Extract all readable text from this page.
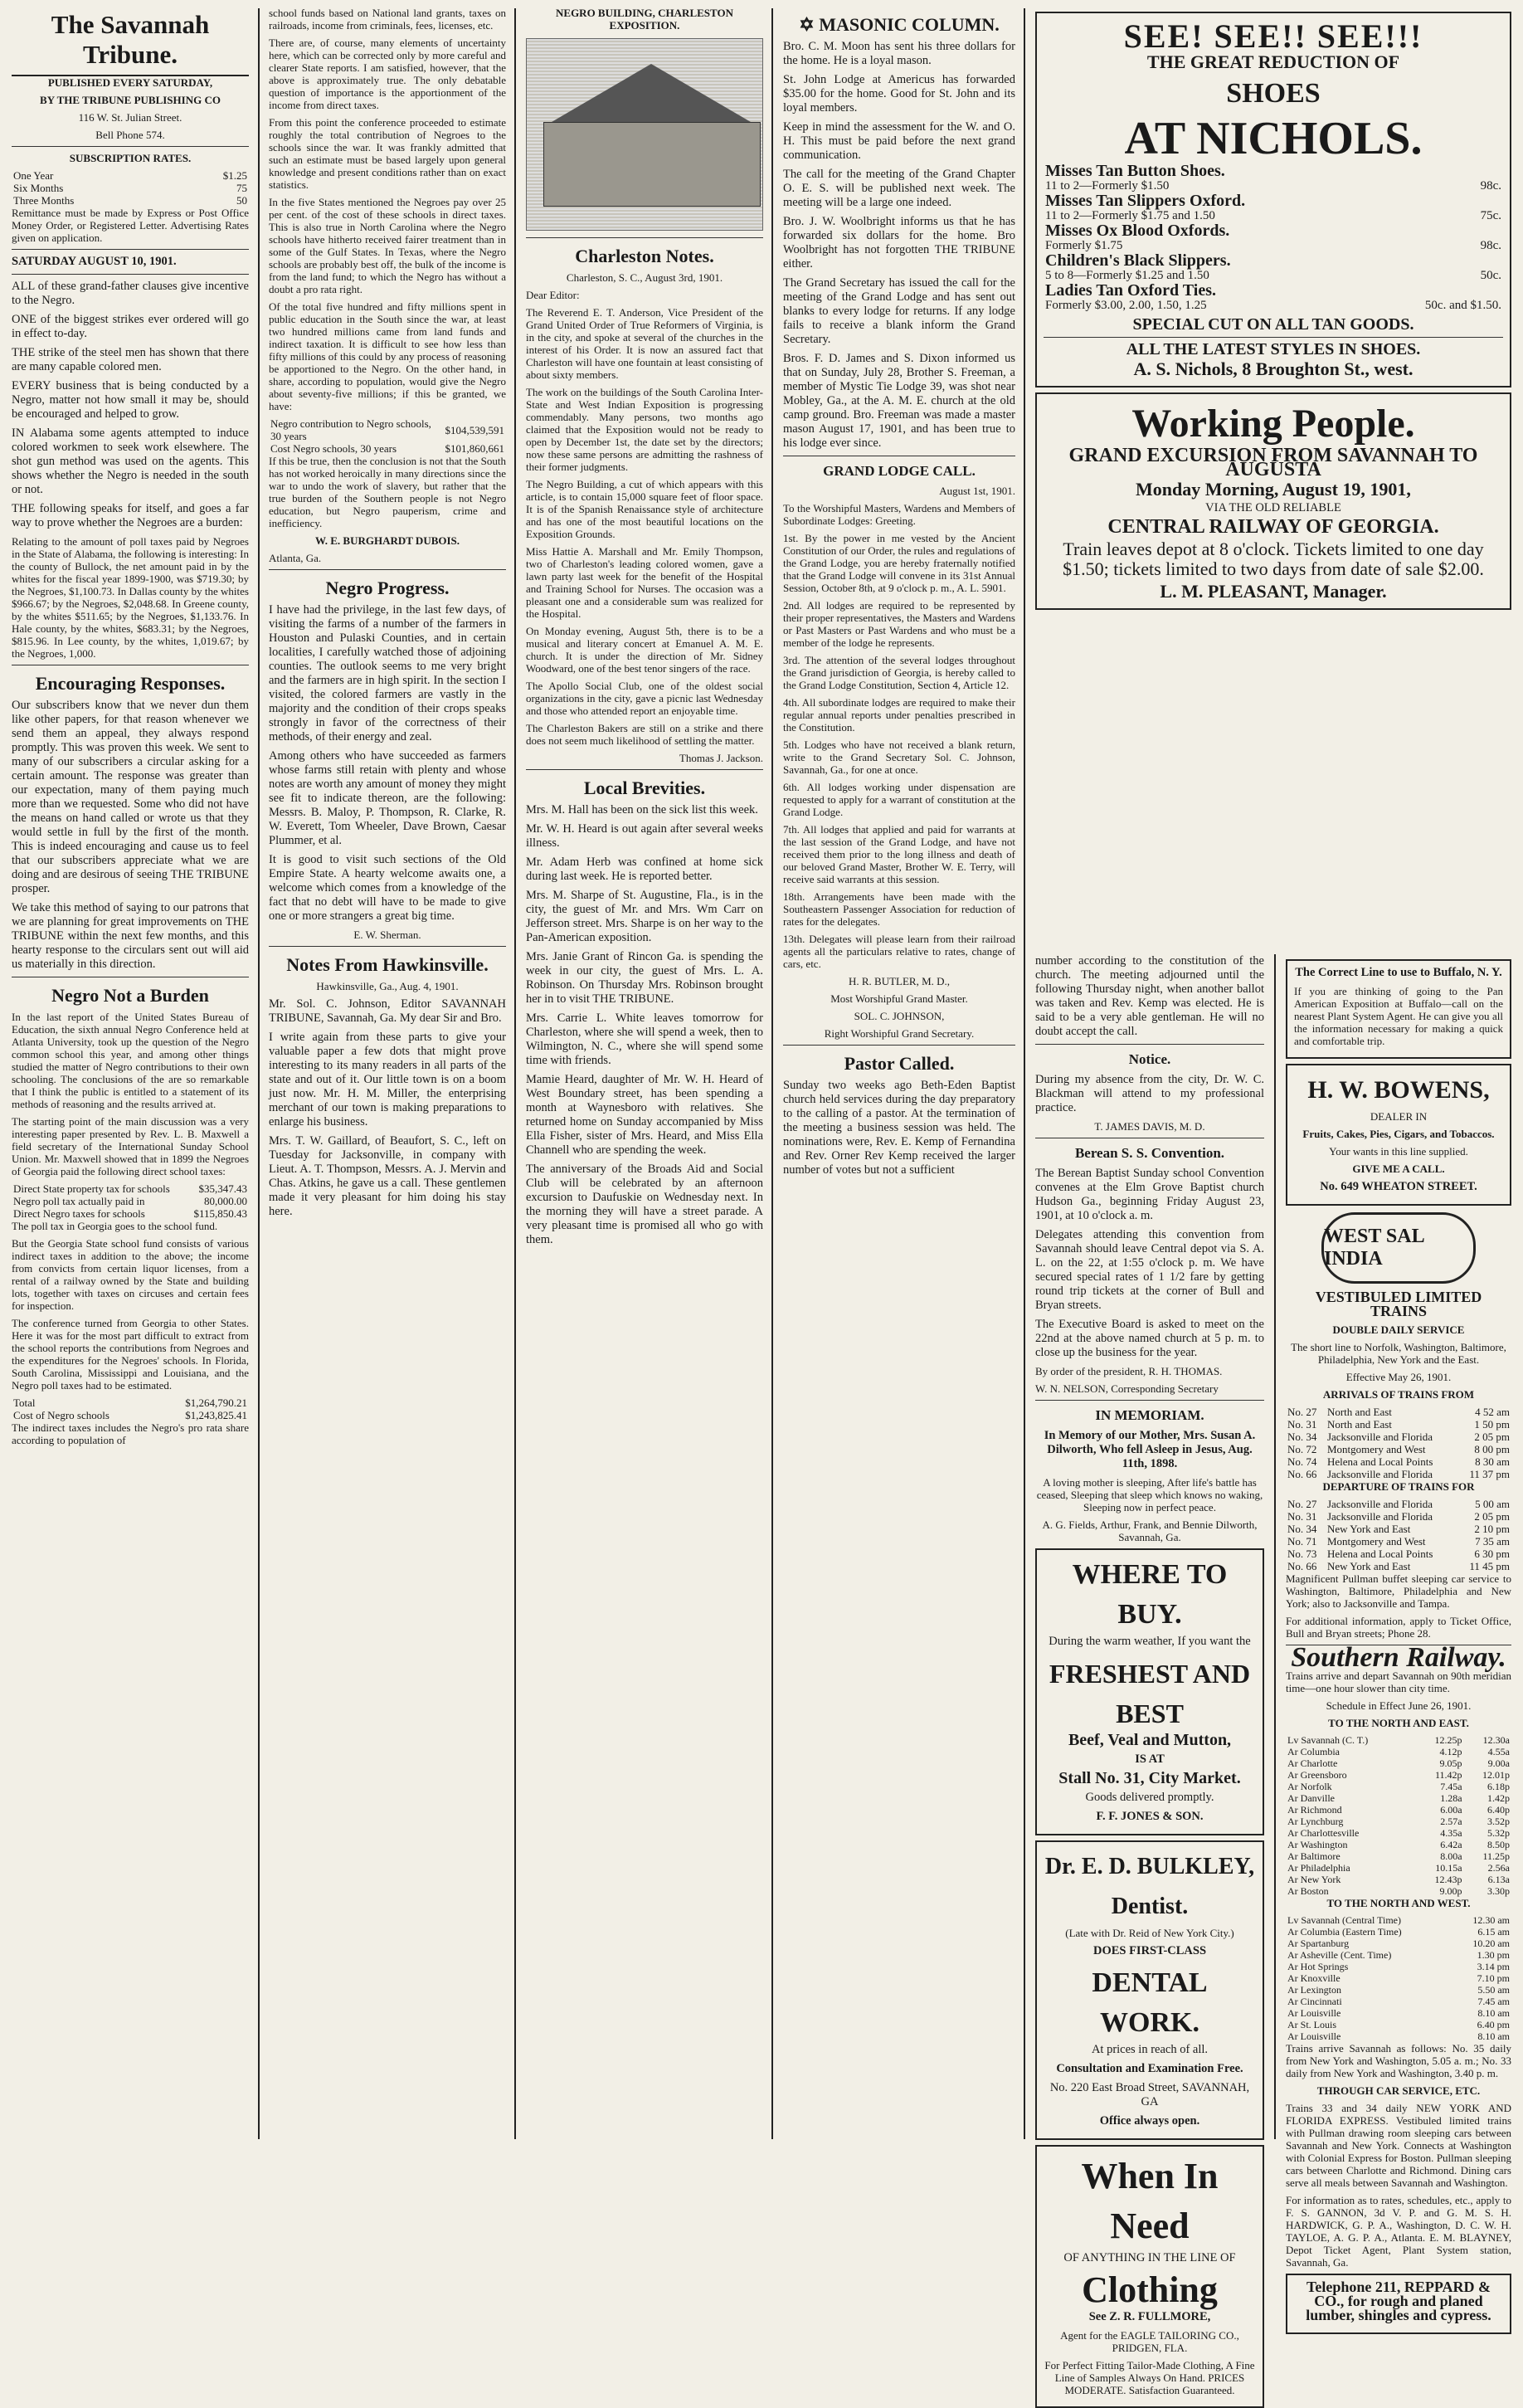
The Savannah Tribune.

PUBLISHED EVERY SATURDAY,

BY THE TRIBUNE PUBLISHING CO

116 W. St. Julian Street.

Bell Phone 574.

SUBSCRIPTION RATES.

One Year	$1.25
Six Months	75
Three Months	50

Remittance must be made by Express or Post Office Money Order, or Registered Letter. Advertising Rates given on application.

SATURDAY AUGUST 10, 1901.

ALL of these grand-father clauses give incentive to the Negro.

ONE of the biggest strikes ever ordered will go in effect to-day.

THE strike of the steel men has shown that there are many capable colored men.

EVERY business that is being conducted by a Negro, matter not how small it may be, should be encouraged and helped to grow.

IN Alabama some agents attempted to induce colored workmen to seek work elsewhere. The shot gun method was used on the agents. This shows whether the Negro is needed in the south or not.

THE following speaks for itself, and goes a far way to prove whether the Negroes are a burden:

Relating to the amount of poll taxes paid by Negroes in the State of Alabama, the following is interesting: In the county of Bullock, the net amount paid in by the whites for the fiscal year 1899-1900, was $719.30; by the Negroes, $1,100.73. In Dallas county by the whites $966.67; by the Negroes, $2,048.68. In Greene county, by the whites $511.65; by the Negroes, $1,133.76. In Hale county, by the whites, $683.31; by the Negroes, $815.96. In Lee county, by the whites, 1,019.67; by the Negroes, 1,000.

Encouraging Responses.

Our subscribers know that we never dun them like other papers, for that reason whenever we send them an appeal, they always respond promptly. This was proven this week. We sent to many of our subscribers a circular asking for a certain amount. The response was greater than our expectation, many of them paying much more than we requested. Some who did not have the means on hand called or wrote us that they would settle in full by the first of the month. This is indeed encouraging and cause us to feel that our subscribers appreciate what we are doing and are desirous of seeing THE TRIBUNE prosper.

We take this method of saying to our patrons that we are planning for great improvements on THE TRIBUNE within the next few months, and this hearty response to the circulars sent out will aid us materially in this direction.

Negro Not a Burden

In the last report of the United States Bureau of Education, the sixth annual Negro Conference held at Atlanta University, took up the question of the Negro common school this year, and among other things studied the matter of Negro contributions to their own schooling. The conclusions of the are so remarkable that I think the public is entitled to a statement of its methods of reasoning and the results arrived at.

The starting point of the main discussion was a very interesting paper presented by Rev. L. B. Maxwell a field secretary of the International Sunday School Union. Mr. Maxwell showed that in 1899 the Negroes of Georgia paid the following direct school taxes:

Direct State property tax for schools	$35,347.43
Negro poll tax actually paid in	80,000.00
Direct Negro taxes for schools	$115,850.43

The poll tax in Georgia goes to the school fund.

But the Georgia State school fund consists of various indirect taxes in addition to the above; the income from convicts from certain liquor licenses, from a rental of a railway owned by the State and building lots, together with taxes on circuses and certain fees for inspection.

The conference turned from Georgia to other States. Here it was for the most part difficult to extract from the school reports the contributions from Negroes and the expenditures for the Negroes' schools. In Florida, South Carolina, Mississippi and Louisiana, and the Negro poll taxes had to be estimated.

Total	$1,264,790.21
Cost of Negro schools	$1,243,825.41

The indirect taxes includes the Negro's pro rata share according to population of

school funds based on National land grants, taxes on railroads, income from criminals, fees, licenses, etc.

There are, of course, many elements of uncertainty here, which can be corrected only by more careful and clearer State reports. I am satisfied, however, that the above is approximately true. The only debatable question of importance is the apportionment of the income from direct taxes.

From this point the conference proceeded to estimate roughly the total contribution of Negroes to the schools since the war. It was frankly admitted that such an estimate must be based largely upon general knowledge and present conditions rather than on exact statistics.

In the five States mentioned the Negroes pay over 25 per cent. of the cost of these schools in direct taxes. This is also true in North Carolina where the Negro schools have hitherto received fairer treatment than in some of the Gulf States. In Texas, where the Negro schools are probably best off, the bulk of the income is from the land fund; to which the Negro has without a doubt a pro rata right.

Of the total five hundred and fifty millions spent in public education in the South since the war, at least two hundred millions came from land funds and indirect taxation. It is difficult to see how less than fifty millions of this could by any process of reasoning be apportioned to the Negro. On the other hand, in share, according to population, would give the Negro about seventy-five millions; if this be granted, we have:

Negro contribution to Negro schools, 30 years	$104,539,591
Cost Negro schools, 30 years	$101,860,661

If this be true, then the conclusion is not that the South has not worked heroically in many directions since the war to undo the work of slavery, but rather that the true burden of the Southern people is not Negro education, but Negro pauperism, crime and inefficiency.

W. E. BURGHARDT DUBOIS.

Atlanta, Ga.

Negro Progress.

I have had the privilege, in the last few days, of visiting the farms of a number of the farmers in Houston and Pulaski Counties, and in certain localities, I carefully watched those of adjoining counties. The outlook seems to me very bright and the farmers are in high spirit. In the section I visited, the colored farmers are vastly in the majority and the condition of their crops speaks strongly in favor of the correctness of their methods, of their energy and zeal.

Among others who have succeeded as farmers whose farms still retain with plenty and whose notes are worth any amount of money they might see fit to indicate thereon, are the following: Messrs. B. Maloy, P. Thompson, R. Clarke, R. W. Everett, Tom Wheeler, Dave Brown, Caesar Plummer, et al.

It is good to visit such sections of the Old Empire State. A hearty welcome awaits one, a welcome which comes from a knowledge of the fact that no debt will have to be made to give one or more strangers a great big time.

E. W. Sherman.

Notes From Hawkinsville.

Hawkinsville, Ga., Aug. 4, 1901.

Mr. Sol. C. Johnson, Editor SAVANNAH TRIBUNE, Savannah, Ga. My dear Sir and Bro.

I write again from these parts to give your valuable paper a few dots that might prove interesting to its many readers in all parts of the state and out of it. Our little town is on a boom just now. Mr. H. M. Miller, the enterprising merchant of our town is making preparations to enlarge his business.

Mrs. T. W. Gaillard, of Beaufort, S. C., left on Tuesday for Jacksonville, in company with Lieut. A. T. Thompson, Messrs. A. J. Mervin and Chas. Atkins, he gave us a call. These gentlemen made it very pleasant for him doing his stay here.

NEGRO BUILDING, CHARLESTON EXPOSITION.

Charleston Notes.

Charleston, S. C., August 3rd, 1901.

Dear Editor:

The Reverend E. T. Anderson, Vice President of the Grand United Order of True Reformers of Virginia, is in the city, and spoke at several of the churches in the interest of his Order. It is now an assured fact that Charleston will have one fountain at least consisting of about sixty members.

The work on the buildings of the South Carolina Inter-State and West Indian Exposition is progressing commendably. Many persons, two months ago claimed that the Exposition would not be ready to open by December 1st, the date set by the directors; now these same persons are admitting the rashness of their former judgments.

The Negro Building, a cut of which appears with this article, is to contain 15,000 square feet of floor space. It is of the Spanish Renaissance style of architecture and has one of the most beautiful locations on the Exposition Grounds.

Miss Hattie A. Marshall and Mr. Emily Thompson, two of Charleston's leading colored women, gave a lawn party last week for the benefit of the Hospital and Training School for Nurses. The occasion was a pleasant one and a considerable sum was realized for the Hospital.

On Monday evening, August 5th, there is to be a musical and literary concert at Emanuel A. M. E. church. It is under the direction of Mr. Sidney Woodward, one of the best tenor singers of the race.

The Apollo Social Club, one of the oldest social organizations in the city, gave a picnic last Wednesday and those who attended report an enjoyable time.

The Charleston Bakers are still on a strike and there does not seem much likelihood of settling the matter.

Thomas J. Jackson.

Local Brevities.

Mrs. M. Hall has been on the sick list this week.

Mr. W. H. Heard is out again after several weeks illness.

Mr. Adam Herb was confined at home sick during last week. He is reported better.

Mrs. M. Sharpe of St. Augustine, Fla., is in the city, the guest of Mr. and Mrs. Wm Carr on Jefferson street. Mrs. Sharpe is on her way to the Pan-American exposition.

Mrs. Janie Grant of Rincon Ga. is spending the week in our city, the guest of Mrs. L. A. Robinson. On Thursday Mrs. Robinson brought her in to visit THE TRIBUNE.

Mrs. Carrie L. White leaves tomorrow for Charleston, where she will spend a week, then to Wilmington, N. C., where she will spend some time with friends.

Mamie Heard, daughter of Mr. W. H. Heard of West Boundary street, has been spending a month at Waynesboro with relatives. She returned home on Sunday accompanied by Miss Ella Fisher, sister of Mrs. Heard, and Miss Ella Channell who are spending the week.

The anniversary of the Broads Aid and Social Club will be celebrated by an afternoon excursion to Daufuskie on Wednesday next. In the morning they will have a street parade. A very pleasant time is promised all who go with them.

✡ MASONIC COLUMN.

Bro. C. M. Moon has sent his three dollars for the home. He is a loyal mason.

St. John Lodge at Americus has forwarded $35.00 for the home. Good for St. John and its loyal members.

Keep in mind the assessment for the W. and O. H. This must be paid before the next grand communication.

The call for the meeting of the Grand Chapter O. E. S. will be published next week. The meeting will be a large one indeed.

Bro. J. W. Woolbright informs us that he has forwarded six dollars for the home. Bro Woolbright has not forgotten THE TRIBUNE either.

The Grand Secretary has issued the call for the meeting of the Grand Lodge and has sent out blanks to every lodge for returns. If any lodge fails to receive a blank inform the Grand Secretary.

Bros. F. D. James and S. Dixon informed us that on Sunday, July 28, Brother S. Freeman, a member of Mystic Tie Lodge 39, was shot near Mobley, Ga., at the A. M. E. church at the old camp ground. Bro. Freeman was made a master mason August 17, 1901, and has been true to his lodge ever since.

GRAND LODGE CALL.

August 1st, 1901.

To the Worshipful Masters, Wardens and Members of Subordinate Lodges: Greeting.

1st. By the power in me vested by the Ancient Constitution of our Order, the rules and regulations of the Grand Lodge, you are hereby fraternally notified that the Grand Lodge will convene in its 31st Annual Session, October 8th, at 9 o'clock p. m., A. L. 5901.

2nd. All lodges are required to be represented by their proper representatives, the Masters and Wardens or Past Masters or Past Wardens and who must be a member of the lodge he represents.

3rd. The attention of the several lodges throughout the Grand jurisdiction of Georgia, is hereby called to the Grand Lodge Constitution, Section 4, Article 12.

4th. All subordinate lodges are required to make their regular annual reports under penalties prescribed in the Constitution.

5th. Lodges who have not received a blank return, write to the Grand Secretary Sol. C. Johnson, Savannah, Ga., for one at once.

6th. All lodges working under dispensation are requested to apply for a warrant of constitution at the Grand Lodge.

7th. All lodges that applied and paid for warrants at the last session of the Grand Lodge, and have not received them prior to the long illness and death of our beloved Grand Master, Brother W. E. Terry, will receive said warrants at this session.

18th. Arrangements have been made with the Southeastern Passenger Association for reduction of rates for the delegates.

13th. Delegates will please learn from their railroad agents all the particulars relative to rates, change of cars, etc.

H. R. BUTLER, M. D.,

Most Worshipful Grand Master.

SOL. C. JOHNSON,

Right Worshipful Grand Secretary.

Pastor Called.

Sunday two weeks ago Beth-Eden Baptist church held services during the day preparatory to the calling of a pastor. At the termination of the meeting a business session was held. The nominations were, Rev. E. Kemp of Fernandina and Rev. Orner Rev Kemp received the larger number of votes but not a sufficient

number according to the constitution of the church. The meeting adjourned until the following Thursday night, when another ballot was taken and Rev. Kemp was elected. He is said to be a very able gentleman. He will no doubt accept the call.

Notice.

During my absence from the city, Dr. W. C. Blackman will attend to my professional practice.

T. JAMES DAVIS, M. D.

Berean S. S. Convention.

The Berean Baptist Sunday school Convention convenes at the Elm Grove Baptist church Hudson Ga., beginning Friday August 23, 1901, at 10 o'clock a. m.

Delegates attending this convention from Savannah should leave Central depot via S. A. L. on the 22, at 1:55 o'clock p. m. We have secured special rates of 1 1/2 fare by getting round trip tickets at the corner of Bull and Bryan streets.

The Executive Board is asked to meet on the 22nd at the above named church at 5 p. m. to close up the business for the year.

By order of the president, R. H. THOMAS.

W. N. NELSON, Corresponding Secretary

IN MEMORIAM.

In Memory of our Mother, Mrs. Susan A. Dilworth, Who fell Asleep in Jesus, Aug. 11th, 1898.

A loving mother is sleeping, After life's battle has ceased, Sleeping that sleep which knows no waking, Sleeping now in perfect peace.

A. G. Fields, Arthur, Frank, and Bennie Dilworth, Savannah, Ga.

WHERE TO BUY.

During the warm weather, If you want the

FRESHEST AND BEST

Beef, Veal and Mutton,

IS AT

Stall No. 31, City Market.

Goods delivered promptly.

F. F. JONES & SON.

Dr. E. D. BULKLEY, Dentist.

(Late with Dr. Reid of New York City.)

DOES FIRST-CLASS

DENTAL WORK.

At prices in reach of all.

Consultation and Examination Free.

No. 220 East Broad Street, SAVANNAH, GA

Office always open.

When In Need

OF ANYTHING IN THE LINE OF

Clothing

See Z. R. FULLMORE,

Agent for the EAGLE TAILORING CO., PRIDGEN, FLA.

For Perfect Fitting Tailor-Made Clothing, A Fine Line of Samples Always On Hand. PRICES MODERATE. Satisfaction Guaranteed.

SEE! SEE!! SEE!!!

THE GREAT REDUCTION OF

SHOES
AT NICHOLS.
Misses Tan Button Shoes.	
11 to 2—Formerly $1.50	98c.
Misses Tan Slippers Oxford.	
11 to 2—Formerly $1.75 and 1.50	75c.
Misses Ox Blood Oxfords.	
Formerly $1.75	98c.
Children's Black Slippers.	
5 to 8—Formerly $1.25 and 1.50	50c.
Ladies Tan Oxford Ties.	
Formerly $3.00, 2.00, 1.50, 1.25	50c. and $1.50.

SPECIAL CUT ON ALL TAN GOODS.

ALL THE LATEST STYLES IN SHOES.

A. S. Nichols, 8 Broughton St., west.

Working People.

GRAND EXCURSION FROM SAVANNAH TO AUGUSTA

Monday Morning, August 19, 1901,

VIA THE OLD RELIABLE

CENTRAL RAILWAY OF GEORGIA.

Train leaves depot at 8 o'clock. Tickets limited to one day $1.50; tickets limited to two days from date of sale $2.00.

L. M. PLEASANT, Manager.

The Correct Line to use to Buffalo, N. Y.

If you are thinking of going to the Pan American Exposition at Buffalo—call on the nearest Plant System Agent. He can give you all the information necessary for making a quick and comfortable trip.

H. W. BOWENS,

DEALER IN

Fruits, Cakes, Pies, Cigars, and Tobaccos.

Your wants in this line supplied.

GIVE ME A CALL.

No. 649 WHEATON STREET.

WEST SAL INDIA

VESTIBULED LIMITED TRAINS

DOUBLE DAILY SERVICE

The short line to Norfolk, Washington, Baltimore, Philadelphia, New York and the East.

Effective May 26, 1901.

ARRIVALS OF TRAINS FROM

No. 27	North and East	4 52 am
No. 31	North and East	1 50 pm
No. 34	Jacksonville and Florida	2 05 pm
No. 72	Montgomery and West	8 00 pm
No. 74	Helena and Local Points	8 30 am
No. 66	Jacksonville and Florida	11 37 pm

DEPARTURE OF TRAINS FOR

No. 27	Jacksonville and Florida	5 00 am
No. 31	Jacksonville and Florida	2 05 pm
No. 34	New York and East	2 10 pm
No. 71	Montgomery and West	7 35 am
No. 73	Helena and Local Points	6 30 pm
No. 66	New York and East	11 45 pm

Magnificent Pullman buffet sleeping car service to Washington, Baltimore, Philadelphia and New York; also to Jacksonville and Tampa.

For additional information, apply to Ticket Office, Bull and Bryan streets; Phone 28.

Southern Railway.

Trains arrive and depart Savannah on 90th meridian time—one hour slower than city time.

Schedule in Effect June 26, 1901.

TO THE NORTH AND EAST.

Lv Savannah (C. T.)	12.25p	12.30a
Ar Columbia	4.12p	4.55a
Ar Charlotte	9.05p	9.00a
Ar Greensboro	11.42p	12.01p
Ar Norfolk	7.45a	6.18p
Ar Danville	1.28a	1.42p
Ar Richmond	6.00a	6.40p
Ar Lynchburg	2.57a	3.52p
Ar Charlottesville	4.35a	5.32p
Ar Washington	6.42a	8.50p
Ar Baltimore	8.00a	11.25p
Ar Philadelphia	10.15a	2.56a
Ar New York	12.43p	6.13a
Ar Boston	9.00p	3.30p

TO THE NORTH AND WEST.

Lv Savannah (Central Time)	12.30 am
Ar Columbia (Eastern Time)	6.15 am
Ar Spartanburg	10.20 am
Ar Asheville (Cent. Time)	1.30 pm
Ar Hot Springs	3.14 pm
Ar Knoxville	7.10 pm
Ar Lexington	5.50 am
Ar Cincinnati	7.45 am
Ar Louisville	8.10 am
Ar St. Louis	6.40 pm
Ar Louisville	8.10 am

Trains arrive Savannah as follows: No. 35 daily from New York and Washington, 5.05 a. m.; No. 33 daily from New York and Washington, 3.40 p. m.

THROUGH CAR SERVICE, ETC.

Trains 33 and 34 daily NEW YORK AND FLORIDA EXPRESS. Vestibuled limited trains with Pullman drawing room sleeping cars between Savannah and New York. Connects at Washington with Colonial Express for Boston. Pullman sleeping cars between Charlotte and Richmond. Dining cars serve all meals between Savannah and Washington.

For information as to rates, schedules, etc., apply to F. S. GANNON, 3d V. P. and G. M. S. H. HARDWICK, G. P. A., Washington, D. C. W. H. TAYLOE, A. G. P. A., Atlanta. E. M. BLAYNEY, Depot Ticket Agent, Plant System station, Savannah, Ga.

Telephone 211, REPPARD & CO., for rough and planed lumber, shingles and cypress.
